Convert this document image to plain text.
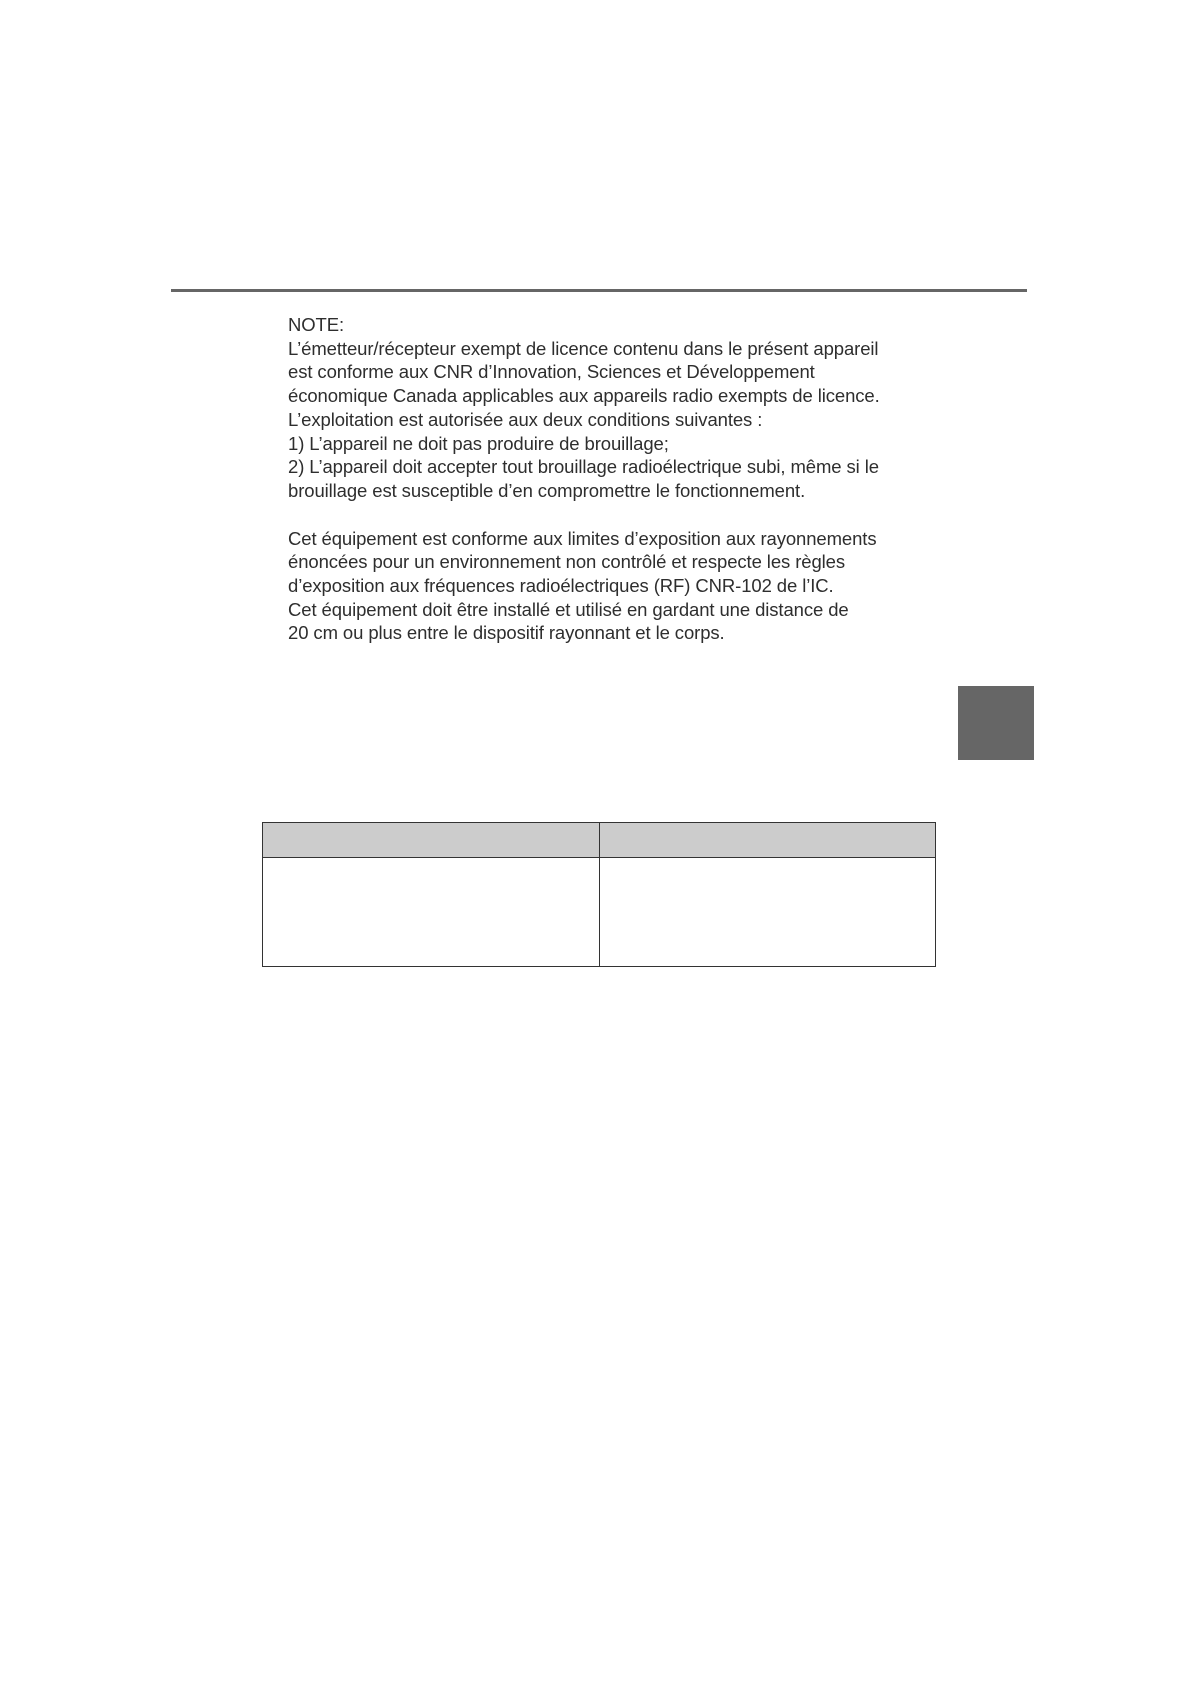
NOTE:
L’émetteur/récepteur exempt de licence contenu dans le présent appareil
est conforme aux CNR d’Innovation, Sciences et Développement
économique Canada applicables aux appareils radio exempts de licence.
L’exploitation est autorisée aux deux conditions suivantes :
1) L’appareil ne doit pas produire de brouillage;
2) L’appareil doit accepter tout brouillage radioélectrique subi, même si le
brouillage est susceptible d’en compromettre le fonctionnement.
Cet équipement est conforme aux limites d’exposition aux rayonnements
énoncées pour un environnement non contrôlé et respecte les règles
d’exposition aux fréquences radioélectriques (RF) CNR-102 de l’IC.
Cet équipement doit être installé et utilisé en gardant une distance de
20 cm ou plus entre le dispositif rayonnant et le corps.
